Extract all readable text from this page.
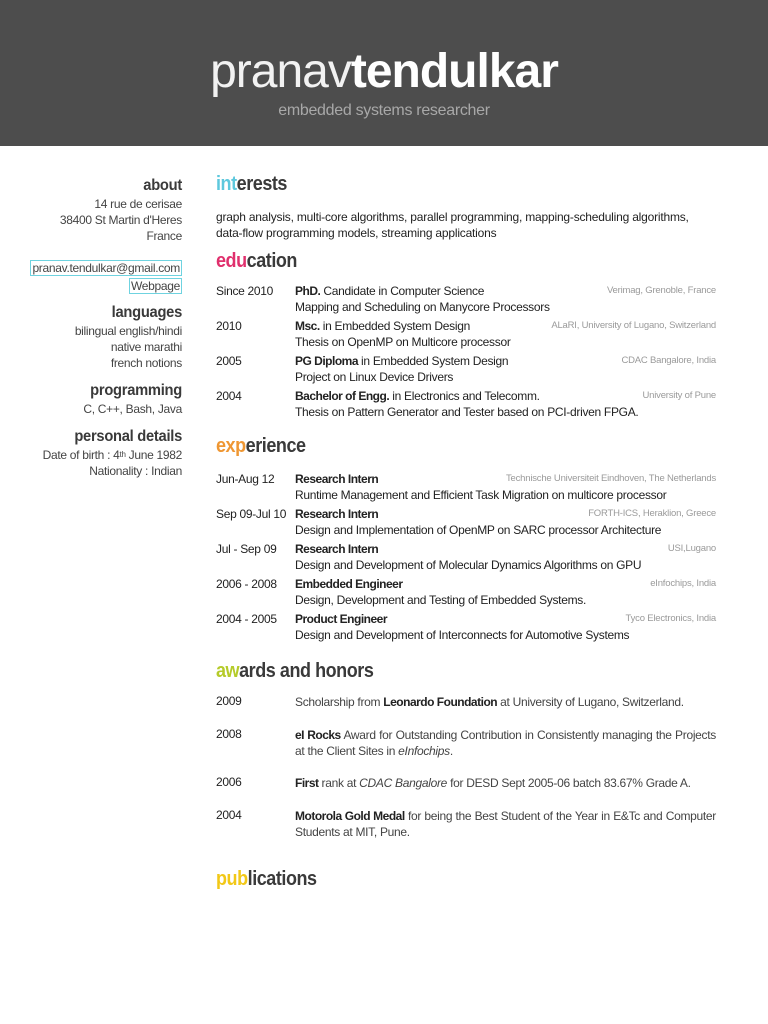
pranavtendulkar
embedded systems researcher
about
14 rue de cerisae
38400 St Martin d'Heres
France
pranav.tendulkar@gmail.com
Webpage
languages
bilingual english/hindi
native marathi
french notions
programming
C, C++, Bash, Java
personal details
Date of birth : 4th June 1982
Nationality : Indian
interests
graph analysis, multi-core algorithms, parallel programming, mapping-scheduling algorithms, data-flow programming models, streaming applications
education
Since 2010 PhD. Candidate in Computer Science	Verimag, Grenoble, France
Mapping and Scheduling on Manycore Processors
2010	Msc. in Embedded System Design	ALaRI, University of Lugano, Switzerland
Thesis on OpenMP on Multicore processor
2005	PG Diploma in Embedded System Design	CDAC Bangalore, India
Project on Linux Device Drivers
2004	Bachelor of Engg. in Electronics and Telecomm.	University of Pune
Thesis on Pattern Generator and Tester based on PCI-driven FPGA.
experience
Jun-Aug 12 Research Intern	Technische Universiteit Eindhoven, The Netherlands
Runtime Management and Efficient Task Migration on multicore processor
Sep 09-Jul 10 Research Intern	FORTH-ICS, Heraklion, Greece
Design and Implementation of OpenMP on SARC processor Architecture
Jul - Sep 09 Research Intern	USI,Lugano
Design and Development of Molecular Dynamics Algorithms on GPU
2006 - 2008 Embedded Engineer	eInfochips, India
Design, Development and Testing of Embedded Systems.
2004 - 2005 Product Engineer	Tyco Electronics, India
Design and Development of Interconnects for Automotive Systems
awards and honors
2009	Scholarship from Leonardo Foundation at University of Lugano, Switzerland.
2008	eI Rocks Award for Outstanding Contribution in Consistently managing the Projects at the Client Sites in eInfochips.
2006	First rank at CDAC Bangalore for DESD Sept 2005-06 batch 83.67% Grade A.
2004	Motorola Gold Medal for being the Best Student of the Year in E&Tc and Computer Students at MIT, Pune.
publications
